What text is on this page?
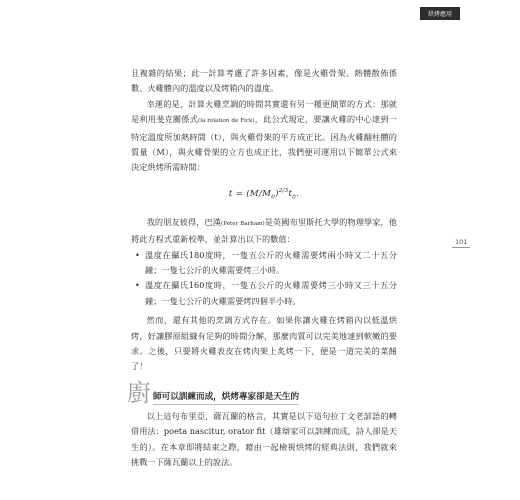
烘烤應用
101

且複雜的結果；此一計算考慮了許多因素，像是火雞骨架、熱體散佈係數、火雞體內的溫度以及烤箱內的溫度。

幸運的是，計算火雞烹調的時間其實還有另一種更簡單的方式：那就是利用斐克關係式(la relation de Fick)，此公式規定，要讓火雞的中心達到一特定溫度所加熱時間（t），與火雞骨架的平方成正比。因為火雞翻柱體的質量（M），與火雞骨架的立方也成正比，我們便可運用以下簡單公式來決定烘烤所需時間：

$t = (M/M_0)^{2/3}t_0$.

我的朋友彼得，巴漢(Peter Barham)是英國布里斯托大學的物理學家，他將此方程式重新校準，並計算出以下的數值：

• 溫度在攝氏180度時，一隻五公斤的火雞需要烤兩小時又二十五分鐘；一隻七公斤的火雞需要烤三小時。
• 溫度在攝氏160度時，一隻五公斤的火雞需要烤三小時又三十五分鐘；一隻七公斤的火雞需要烤四個半小時。

然而，還有其他的烹調方式存在。如果你讓火雞在烤箱內以低溫烘烤，好讓膠原組織有足夠的時間分解，那麼肉質可以完美地達到軟嫩的要求。之後，只要將火雞表皮在烤肉架上炙烤一下，便是一道完美的菜餚了！

廚 師可以訓練而成，烘烤專家卻是天生的

以上這句布里亞，薩瓦蘭的格言，其實是以下這句拉丁文老諺語的轉借用法：poeta nascitur, orator fit（雄辯家可以訓練而成，詩人卻是天生的）。在本章即將結束之際，藉由一起檢視烘烤的經典法則，我們就來挑戰一下薩瓦蘭以上的說法。
